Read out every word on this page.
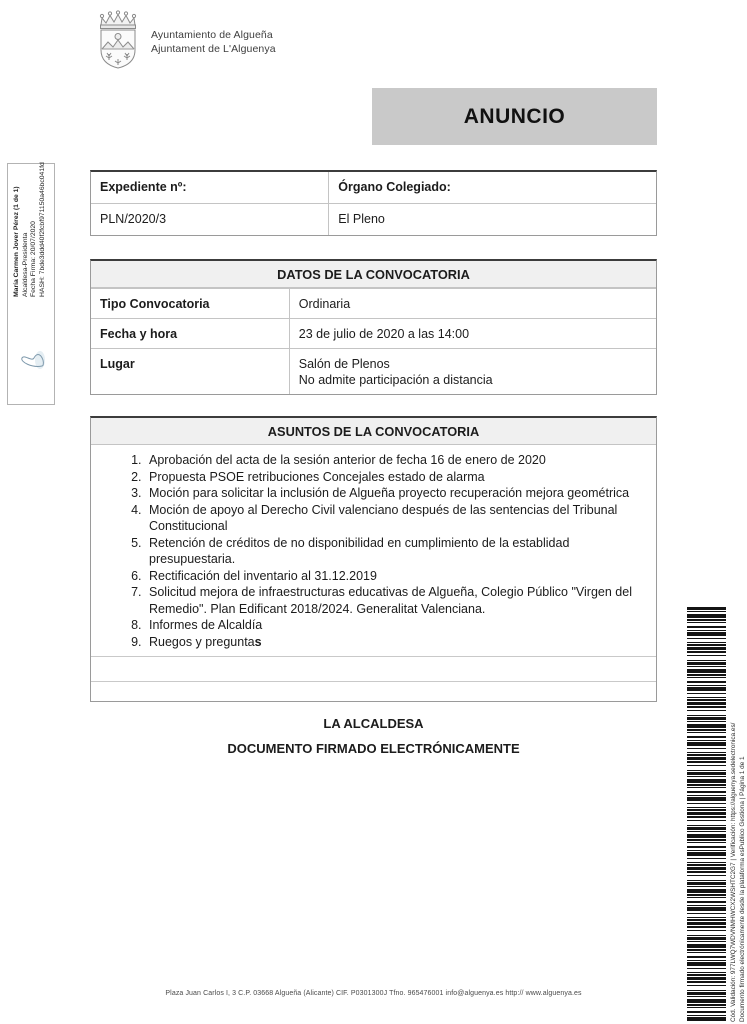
Ayuntamiento de Algueña
Ajuntament de L'Alguenya
ANUNCIO
Expediente nº:	Órgano Colegiado:
PLN/2020/3	El Pleno
DATOS DE LA CONVOCATORIA
Tipo Convocatoria	Ordinaria
Fecha y hora	23 de julio de 2020 a las 14:00
Lugar	Salón de Plenos
No admite participación a distancia
ASUNTOS DE LA CONVOCATORIA
1. Aprobación del acta de la sesión anterior de fecha 16 de enero de 2020
2. Propuesta PSOE retribuciones Concejales estado de alarma
3. Moción para solicitar la inclusión de Algueña proyecto recuperación mejora geométrica
4. Moción de apoyo al Derecho Civil valenciano después de las sentencias del Tribunal Constitucional
5. Retención de créditos de no disponibilidad en cumplimiento de la establidad presupuestaria.
6. Rectificación del inventario al 31.12.2019
7. Solicitud mejora de infraestructuras educativas de Algueña, Colegio Público "Virgen del Remedio". Plan Edificant 2018/2024. Generalitat Valenciana.
8. Informes de Alcaldía
9. Ruegos y preguntas
LA ALCALDESA
DOCUMENTO FIRMADO ELECTRÓNICAMENTE
María Carmen Jover Pérez (1 de 1) Alcaldesa-Presidenta Fecha Firma: 20/07/2020 HASH: 7bde3ddd40f2fcbf971150a46bc041fd
Cód. Validación: 977LWQ7WDVNMHWCX2WSHTC2G7 | Verificación: https://alguenya.sedelectronica.es/ Documento firmado electrónicamente desde la plataforma esPublico Gestiona | Página 1 de 1
Plaza Juan Carlos I, 3 C.P. 03668 Algueña (Alicante) CIF. P0301300J Tfno. 965476001 info@alguenya.es http:// www.alguenya.es
